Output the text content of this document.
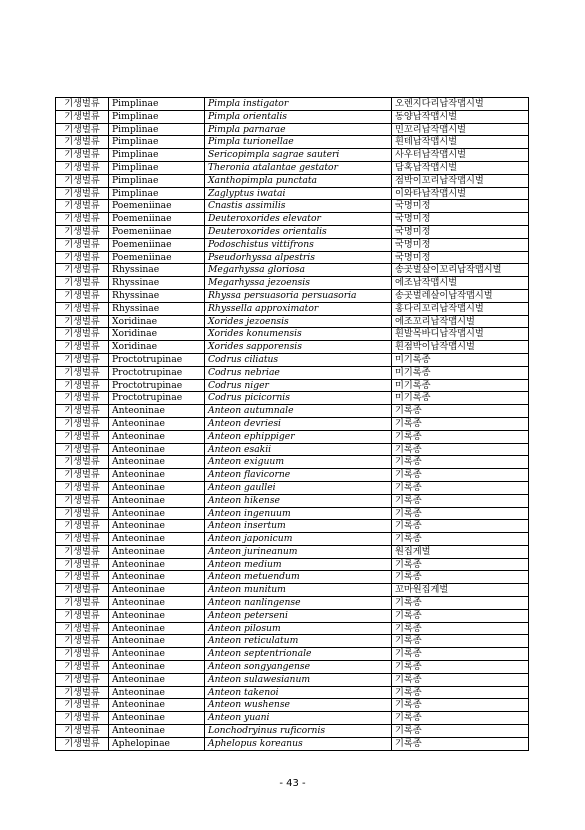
기생벌류	Pimplinae	Pimpla instigator	오렌지다리납작맵시벌
기생벌류	Pimplinae	Pimpla orientalis	동양납작맵시벌
기생벌류	Pimplinae	Pimpla parnarae	민꼬리납작맵시벌
기생벌류	Pimplinae	Pimpla turionellae	흰테납작맵시벌
기생벌류	Pimplinae	Sericopimpla sagrae sauteri	사우터납작맵시벌
기생벌류	Pimplinae	Theronia atalantae gestator	담혹납작맵시벌
기생벌류	Pimplinae	Xanthopimpla punctata	점박이꼬리납작맵시벌
기생벌류	Pimplinae	Zaglyptus iwatai	이와타납작맵시벌
기생벌류	Poemeniinae	Cnastis assimilis	국명미정
기생벌류	Poemeniinae	Deuteroxorides elevator	국명미정
기생벌류	Poemeniinae	Deuteroxorides orientalis	국명미정
기생벌류	Poemeniinae	Podoschistus vittifrons	국명미정
기생벌류	Poemeniinae	Pseudorhyssa alpestris	국명미정
기생벌류	Rhyssinae	Megarhyssa gloriosa	송곳벌살이꼬리납작맵시벌
기생벌류	Rhyssinae	Megarhyssa jezoensis	에조납작맵시벌
기생벌류	Rhyssinae	Rhyssa persuasoria persuasoria	송곳벌레살이납작맵시벌
기생벌류	Rhyssinae	Rhyssella approximator	홍다리꼬리납작맵시벌
기생벌류	Xoridinae	Xorides jezoensis	에조꼬리납작맵시벌
기생벌류	Xoridinae	Xorides konumensis	흰발목바디납작맵시벌
기생벌류	Xoridinae	Xorides sapporensis	흰점박이납작맵시벌
기생벌류	Proctotrupinae	Codrus ciliatus	미기록종
기생벌류	Proctotrupinae	Codrus nebriae	미기록종
기생벌류	Proctotrupinae	Codrus niger	미기록종
기생벌류	Proctotrupinae	Codrus picicornis	미기록종
기생벌류	Anteoninae	Anteon autumnale	기록종
기생벌류	Anteoninae	Anteon devriesi	기록종
기생벌류	Anteoninae	Anteon ephippiger	기록종
기생벌류	Anteoninae	Anteon esakii	기록종
기생벌류	Anteoninae	Anteon exiguum	기록종
기생벌류	Anteoninae	Anteon flavicorne	기록종
기생벌류	Anteoninae	Anteon gaullei	기록종
기생벌류	Anteoninae	Anteon hikense	기록종
기생벌류	Anteoninae	Anteon ingenuum	기록종
기생벌류	Anteoninae	Anteon insertum	기록종
기생벌류	Anteoninae	Anteon japonicum	기록종
기생벌류	Anteoninae	Anteon jurineanum	원집게벌
기생벌류	Anteoninae	Anteon medium	기록종
기생벌류	Anteoninae	Anteon metuendum	기록종
기생벌류	Anteoninae	Anteon munitum	꼬마원집게벌
기생벌류	Anteoninae	Anteon nanlingense	기록종
기생벌류	Anteoninae	Anteon peterseni	기록종
기생벌류	Anteoninae	Anteon pilosum	기록종
기생벌류	Anteoninae	Anteon reticulatum	기록종
기생벌류	Anteoninae	Anteon septentrionale	기록종
기생벌류	Anteoninae	Anteon songyangense	기록종
기생벌류	Anteoninae	Anteon sulawesianum	기록종
기생벌류	Anteoninae	Anteon takenoi	기록종
기생벌류	Anteoninae	Anteon wushense	기록종
기생벌류	Anteoninae	Anteon yuani	기록종
기생벌류	Anteoninae	Lonchodryinus ruficornis	기록종
기생벌류	Aphelopinae	Aphelopus koreanus	기록종
- 43 -
